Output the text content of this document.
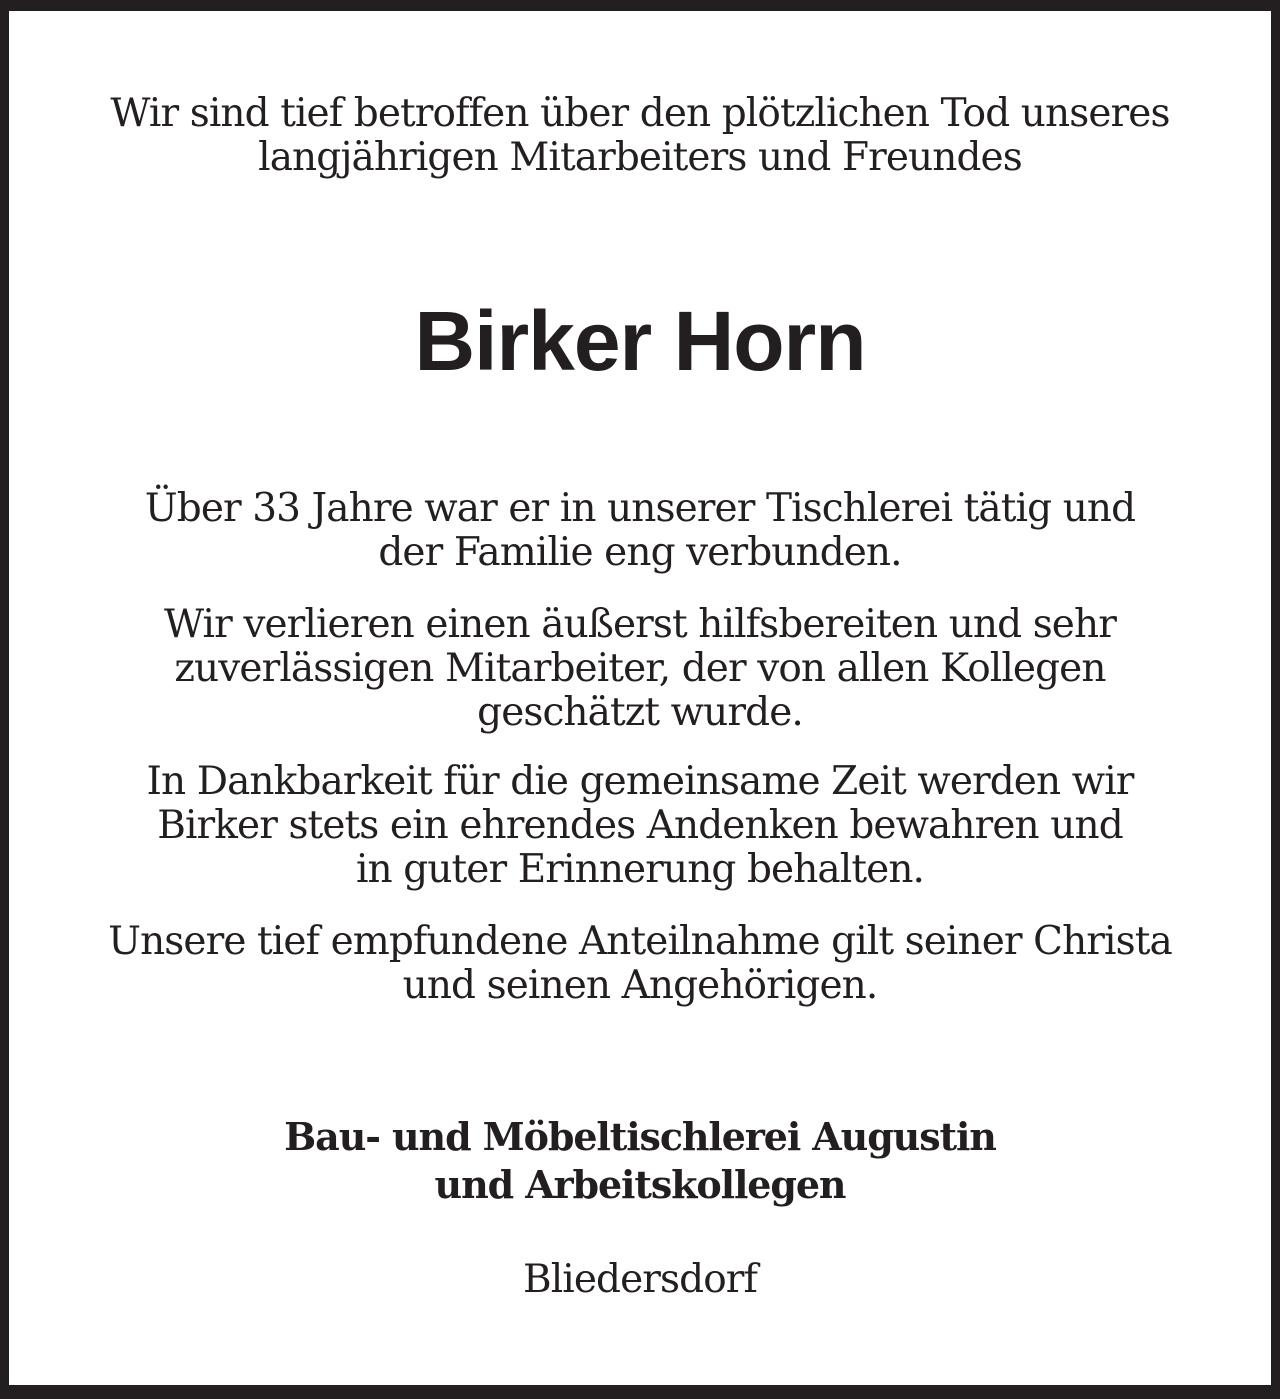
Wir sind tief betroffen über den plötzlichen Tod unseres
langjährigen Mitarbeiters und Freundes
Birker Horn
Über 33 Jahre war er in unserer Tischlerei tätig und
der Familie eng verbunden.
Wir verlieren einen äußerst hilfsbereiten und sehr
zuverlässigen Mitarbeiter, der von allen Kollegen
geschätzt wurde.
In Dankbarkeit für die gemeinsame Zeit werden wir
Birker stets ein ehrendes Andenken bewahren und
in guter Erinnerung behalten.
Unsere tief empfundene Anteilnahme gilt seiner Christa
und seinen Angehörigen.
Bau- und Möbeltischlerei Augustin
und Arbeitskollegen
Bliedersdorf
